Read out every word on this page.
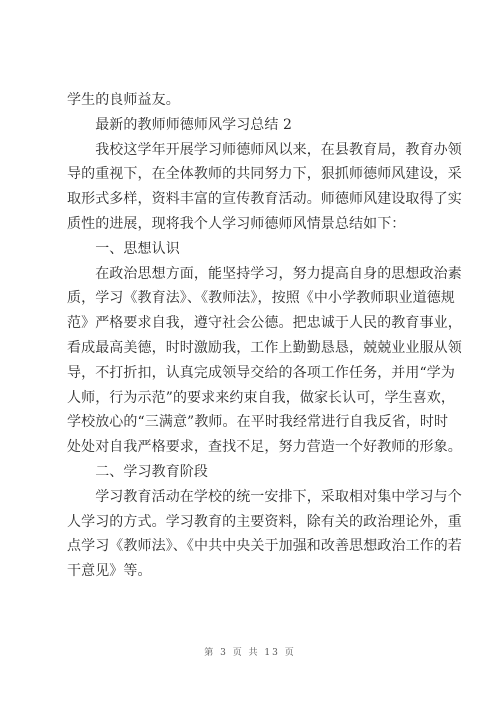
学生的良师益友。
　　最新的教师师德师风学习总结 2
　　我校这学年开展学习师德师风以来，在县教育局，教育办领
导的重视下，在全体教师的共同努力下，狠抓师德师风建设，采
取形式多样，资料丰富的宣传教育活动。师德师风建设取得了实
质性的进展，现将我个人学习师德师风情景总结如下：
　　一、思想认识
　　在政治思想方面，能坚持学习，努力提高自身的思想政治素
质，学习《教育法》、《教师法》，按照《中小学教师职业道德规
范》严格要求自我，遵守社会公德。把忠诚于人民的教育事业，
看成最高美德，时时激励我，工作上勤勤恳恳，兢兢业业服从领
导，不打折扣，认真完成领导交给的各项工作任务，并用“学为
人师，行为示范”的要求来约束自我，做家长认可，学生喜欢，
学校放心的“三满意”教师。在平时我经常进行自我反省，时时
处处对自我严格要求，查找不足，努力营造一个好教师的形象。
　　二、学习教育阶段
　　学习教育活动在学校的统一安排下，采取相对集中学习与个
人学习的方式。学习教育的主要资料，除有关的政治理论外，重
点学习《教师法》、《中共中央关于加强和改善思想政治工作的若
干意见》等。
第 3 页 共 13 页
